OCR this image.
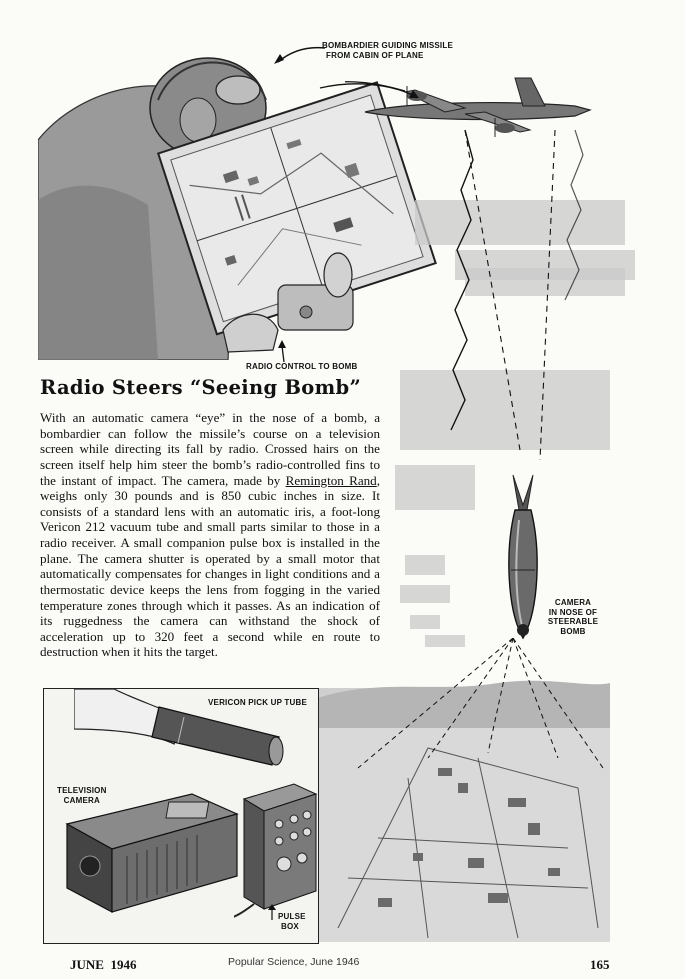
BOMBARDIER GUIDING MISSILE
FROM CABIN OF PLANE
CAMERA
IN NOSE OF
STEERABLE
BOMB
RADIO CONTROL TO BOMB
Radio Steers “Seeing Bomb”
With an automatic camera “eye” in the nose of a bomb, a bombardier can follow the missile’s course on a television screen while directing its fall by radio. Crossed hairs on the screen itself help him steer the bomb’s radio-controlled fins to the instant of impact. The camera, made by Remington Rand, weighs only 30 pounds and is 850 cubic inches in size. It consists of a standard lens with an automatic iris, a foot-long Vericon 212 vacuum tube and small parts similar to those in a radio receiver. A small companion pulse box is installed in the plane. The camera shutter is operated by a small motor that automatically compensates for changes in light conditions and a thermostatic device keeps the lens from fogging in the varied temperature zones through which it passes. As an indication of its ruggedness the camera can withstand the shock of acceleration up to 320 feet a second while en route to destruction when it hits the target.
VERICON PICK UP TUBE
TELEVISION
CAMERA
PULSE
BOX
JUNE  1946	Popular Science, June 1946	165
